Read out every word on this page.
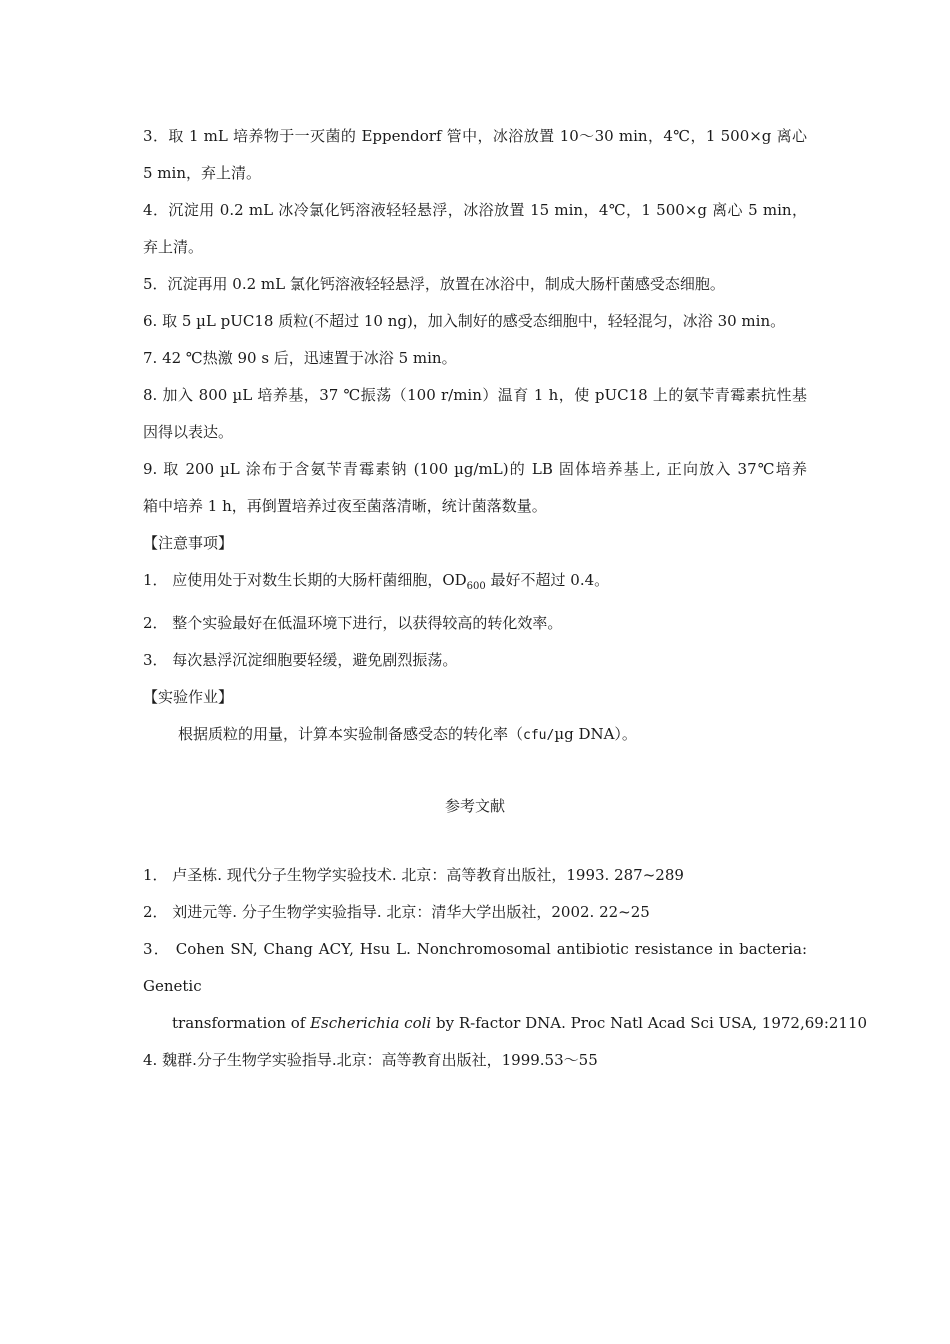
3．取 1 mL 培养物于一灭菌的 Eppendorf 管中，冰浴放置 10～30 min，4℃，1 500×g 离心
5 min，弃上清。
4．沉淀用 0.2 mL 冰冷氯化钙溶液轻轻悬浮，冰浴放置 15 min，4℃，1 500×g 离心 5 min，
弃上清。
5．沉淀再用 0.2 mL 氯化钙溶液轻轻悬浮，放置在冰浴中，制成大肠杆菌感受态细胞。
6. 取 5 µL pUC18 质粒(不超过 10 ng)，加入制好的感受态细胞中，轻轻混匀，冰浴 30 min。
7. 42 ℃热激 90 s 后，迅速置于冰浴 5 min。
8. 加入 800 µL 培养基，37 ℃振荡（100 r/min）温育 1 h，使 pUC18 上的氨苄青霉素抗性基
因得以表达。
9. 取 200 µL 涂布于含氨苄青霉素钠 (100 µg/mL)的 LB 固体培养基上, 正向放入 37℃培养
箱中培养 1 h，再倒置培养过夜至菌落清晰，统计菌落数量。
【注意事项】
1． 应使用处于对数生长期的大肠杆菌细胞，$OD_{600}$ 最好不超过 0.4。
2． 整个实验最好在低温环境下进行，以获得较高的转化效率。
3． 每次悬浮沉淀细胞要轻缓，避免剧烈振荡。
【实验作业】
根据质粒的用量，计算本实验制备感受态的转化率（cfu/µg DNA）。
参考文献
1． 卢圣栋. 现代分子生物学实验技术. 北京：高等教育出版社，1993. 287~289
2． 刘进元等. 分子生物学实验指导. 北京：清华大学出版社，2002. 22~25
3． Cohen SN, Chang ACY, Hsu L. Nonchromosomal antibiotic resistance in bacteria: Genetic
transformation of Escherichia coli by R-factor DNA. Proc Natl Acad Sci USA, 1972,69:2110
4. 魏群.分子生物学实验指导.北京：高等教育出版社，1999.53～55
